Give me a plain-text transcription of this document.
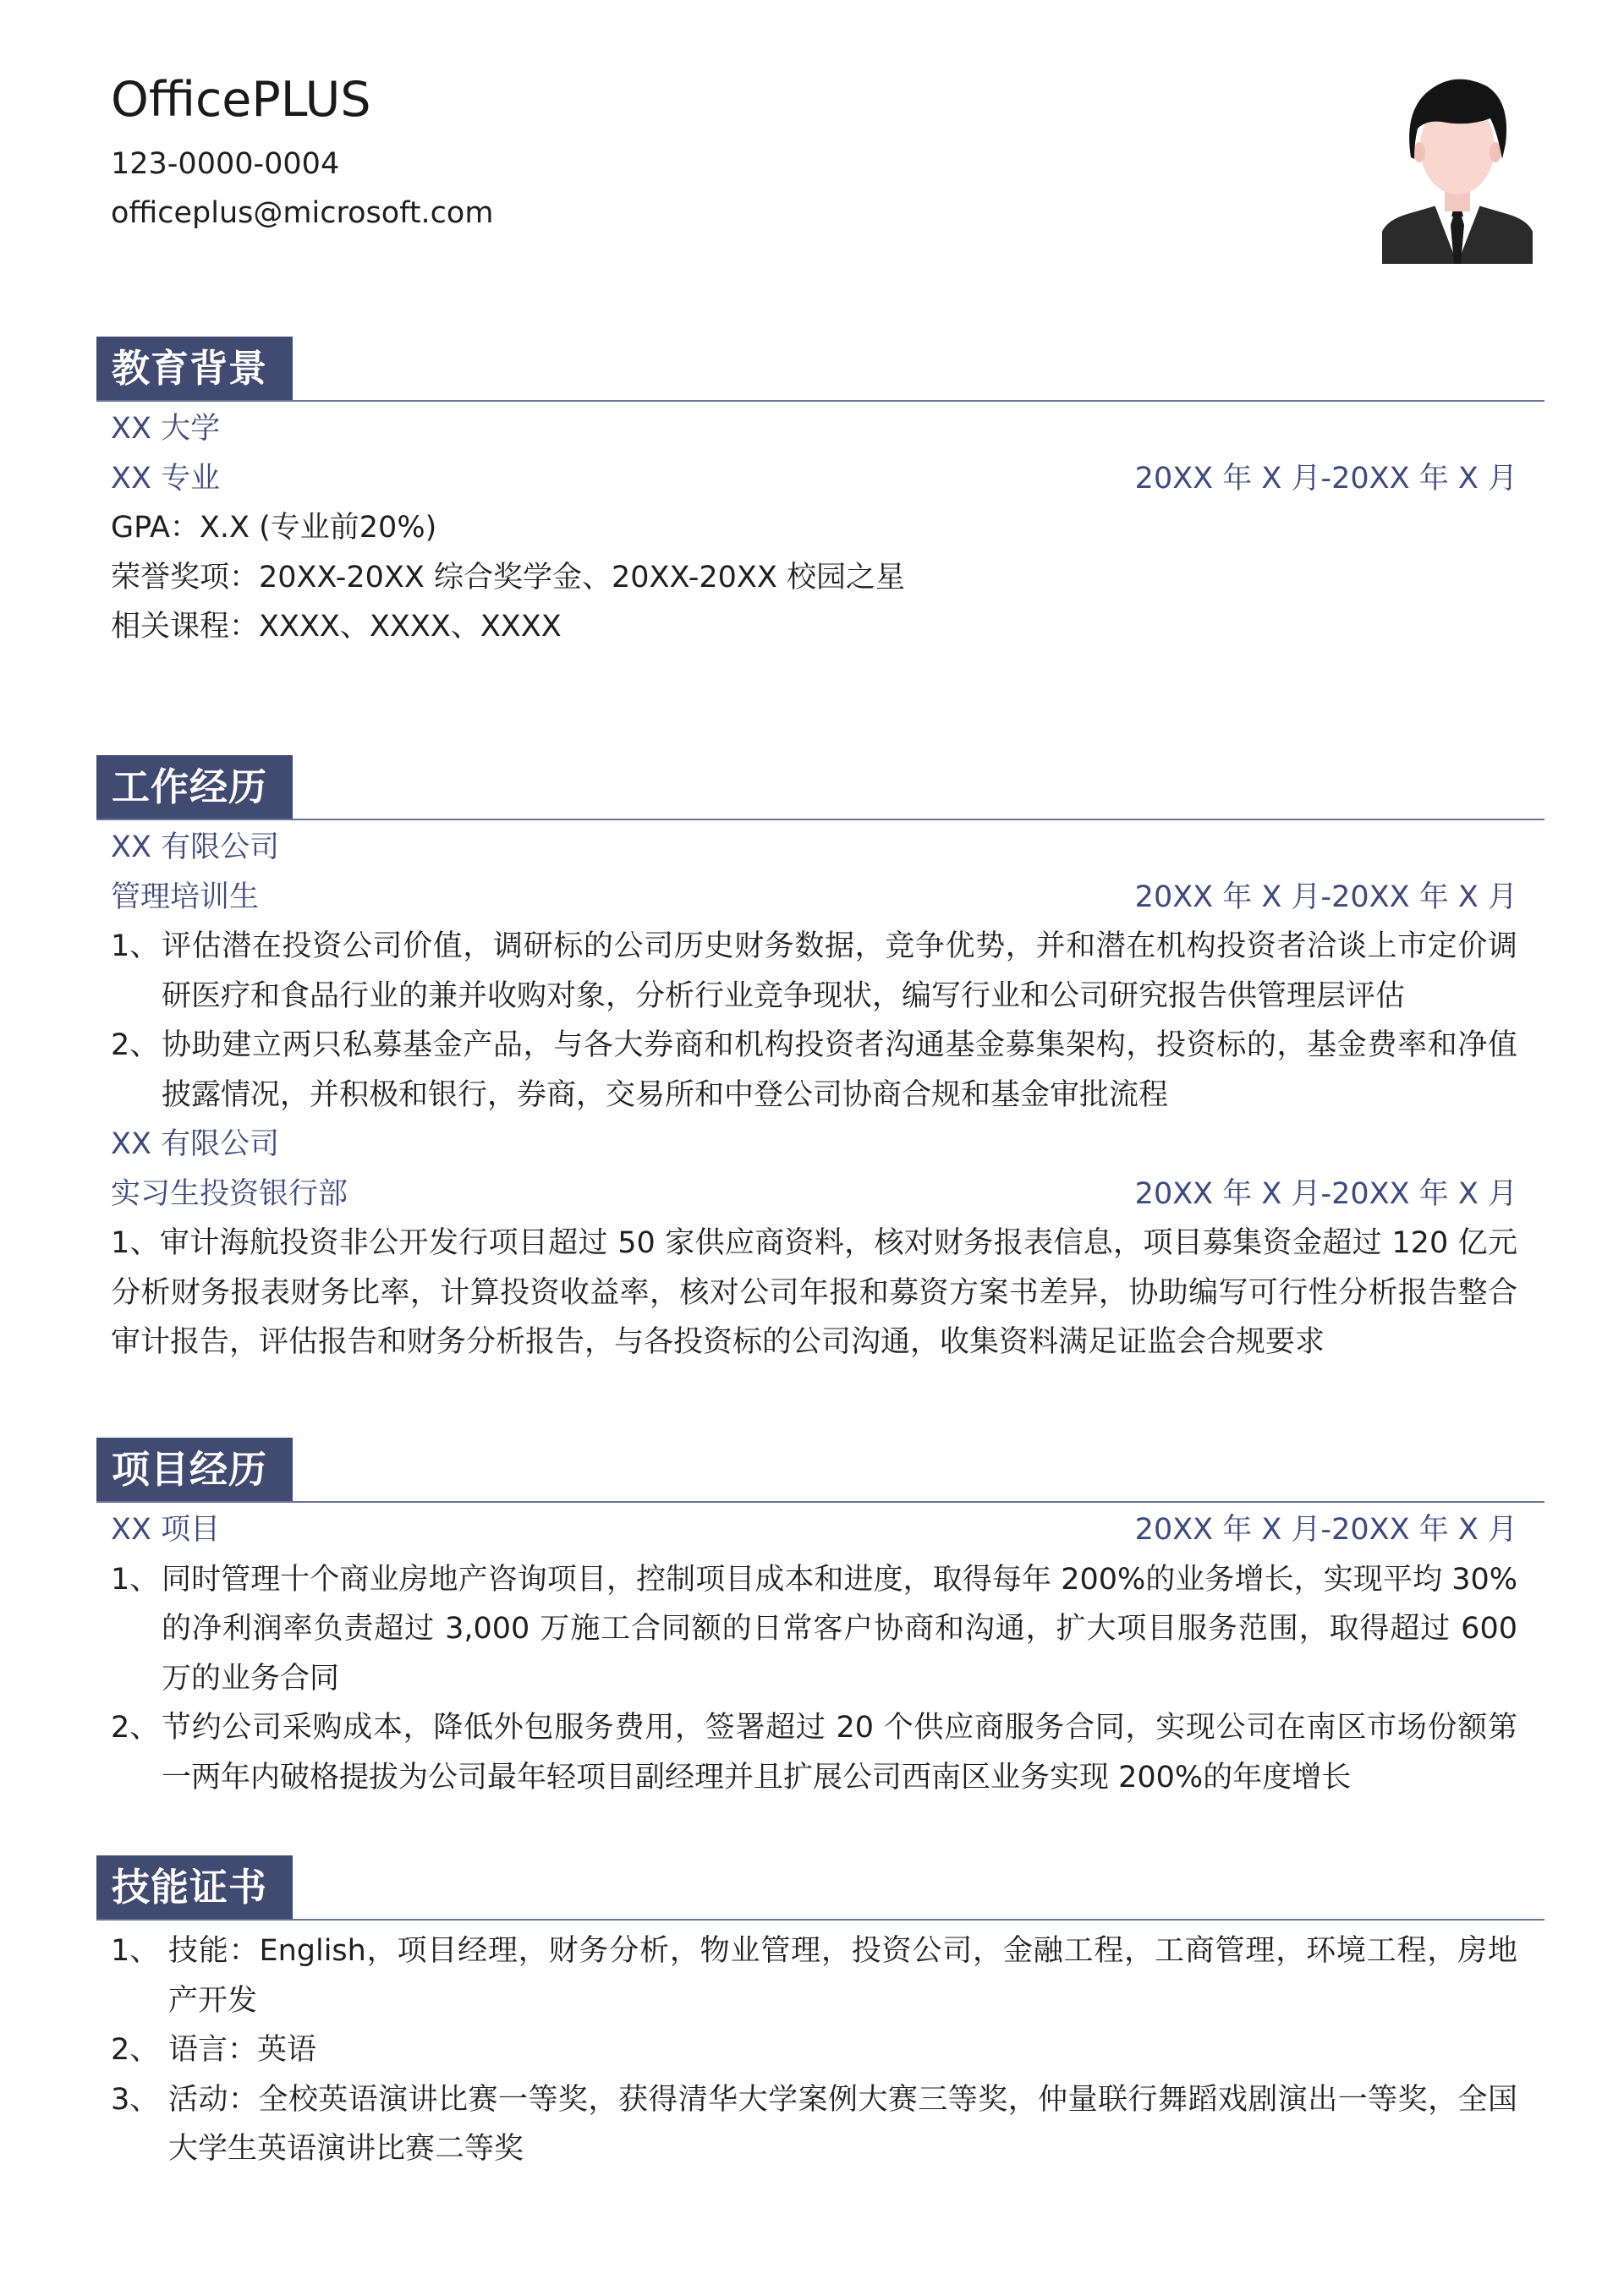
OfficePLUS
123-0000-0004
officeplus@microsoft.com
教育背景
XX 大学
XX 专业	20XX 年 X 月-20XX 年 X 月
GPA：X.X (专业前20%)
荣誉奖项：20XX-20XX 综合奖学金、20XX-20XX 校园之星
相关课程：XXXX、XXXX、XXXX
工作经历
XX 有限公司
管理培训生	20XX 年 X 月-20XX 年 X 月
1、 评估潜在投资公司价值，调研标的公司历史财务数据，竞争优势，并和潜在机构投资者洽谈上市定价调研医疗和食品行业的兼并收购对象，分析行业竞争现状，编写行业和公司研究报告供管理层评估
2、 协助建立两只私募基金产品，与各大券商和机构投资者沟通基金募集架构，投资标的，基金费率和净值披露情况，并积极和银行，券商，交易所和中登公司协商合规和基金审批流程
XX 有限公司
实习生投资银行部	20XX 年 X 月-20XX 年 X 月
1、审计海航投资非公开发行项目超过 50 家供应商资料，核对财务报表信息，项目募集资金超过 120 亿元分析财务报表财务比率，计算投资收益率，核对公司年报和募资方案书差异，协助编写可行性分析报告整合审计报告，评估报告和财务分析报告，与各投资标的公司沟通，收集资料满足证监会合规要求
项目经历
XX 项目	20XX 年 X 月-20XX 年 X 月
1、 同时管理十个商业房地产咨询项目，控制项目成本和进度，取得每年 200%的业务增长，实现平均 30%的净利润率负责超过 3,000 万施工合同额的日常客户协商和沟通，扩大项目服务范围，取得超过 600 万的业务合同
2、 节约公司采购成本，降低外包服务费用，签署超过 20 个供应商服务合同，实现公司在南区市场份额第一两年内破格提拔为公司最年轻项目副经理并且扩展公司西南区业务实现 200%的年度增长
技能证书
1、 技能：English，项目经理，财务分析，物业管理，投资公司，金融工程，工商管理，环境工程，房地产开发
2、 语言：英语
3、 活动：全校英语演讲比赛一等奖，获得清华大学案例大赛三等奖，仲量联行舞蹈戏剧演出一等奖，全国大学生英语演讲比赛二等奖
